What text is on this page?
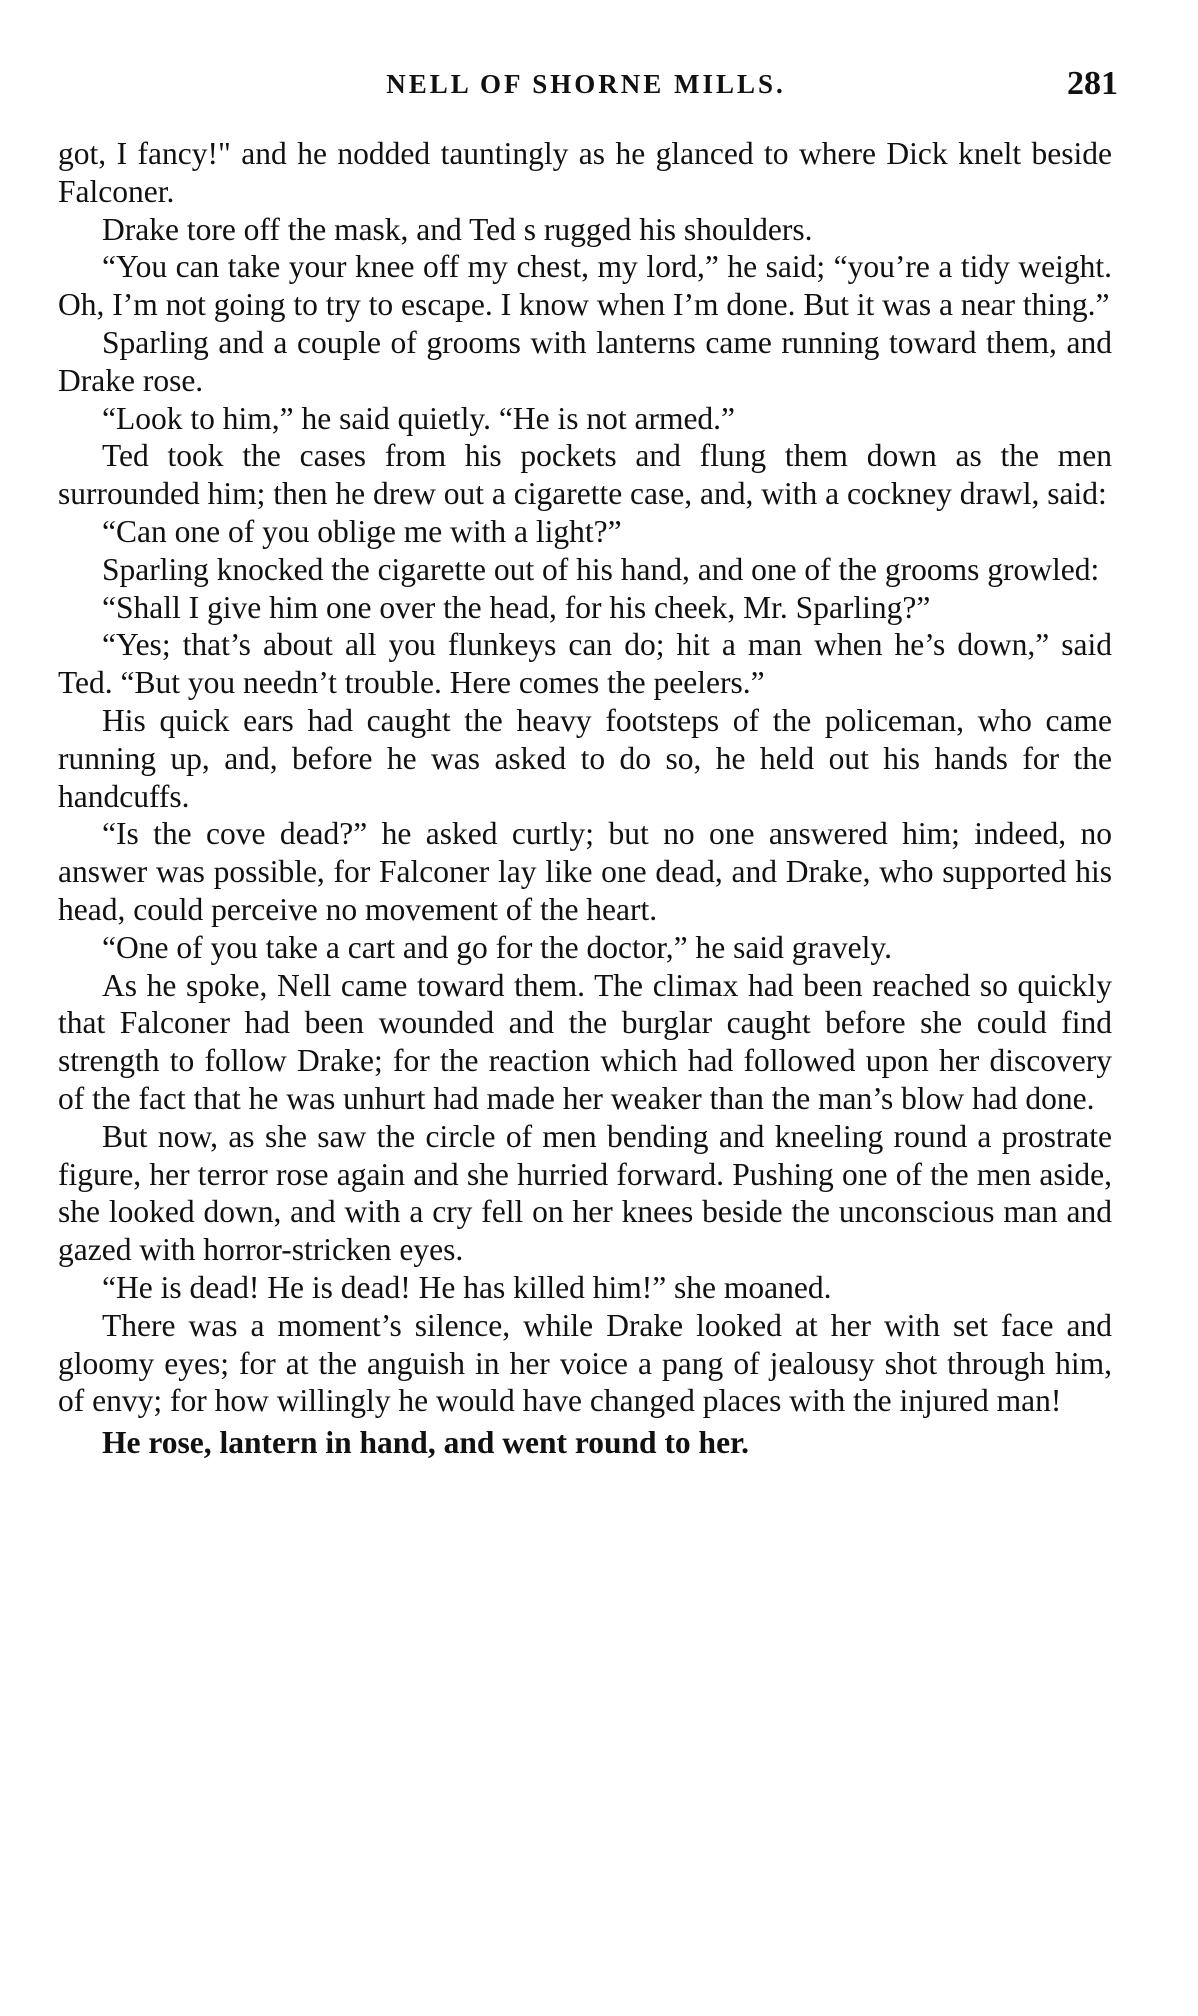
NELL OF SHORNE MILLS.	281

got, I fancy!" and he nodded tauntingly as he glanced to where Dick knelt beside Falconer.

Drake tore off the mask, and Ted s rugged his shoulders.

“You can take your knee off my chest, my lord,” he said; “you’re a tidy weight. Oh, I’m not going to try to escape. I know when I’m done. But it was a near thing.”

Sparling and a couple of grooms with lanterns came running toward them, and Drake rose.

“Look to him,” he said quietly. “He is not armed.”

Ted took the cases from his pockets and flung them down as the men surrounded him; then he drew out a cigarette case, and, with a cockney drawl, said:

“Can one of you oblige me with a light?”

Sparling knocked the cigarette out of his hand, and one of the grooms growled:

“Shall I give him one over the head, for his cheek, Mr. Sparling?”

“Yes; that’s about all you flunkeys can do; hit a man when he’s down,” said Ted. “But you needn’t trouble. Here comes the peelers.”

His quick ears had caught the heavy footsteps of the policeman, who came running up, and, before he was asked to do so, he held out his hands for the handcuffs.

“Is the cove dead?” he asked curtly; but no one answered him; indeed, no answer was possible, for Falconer lay like one dead, and Drake, who supported his head, could perceive no movement of the heart.

“One of you take a cart and go for the doctor,” he said gravely.

As he spoke, Nell came toward them. The climax had been reached so quickly that Falconer had been wounded and the burglar caught before she could find strength to follow Drake; for the reaction which had followed upon her discovery of the fact that he was unhurt had made her weaker than the man’s blow had done.

But now, as she saw the circle of men bending and kneeling round a prostrate figure, her terror rose again and she hurried forward. Pushing one of the men aside, she looked down, and with a cry fell on her knees beside the unconscious man and gazed with horror-stricken eyes.

“He is dead! He is dead! He has killed him!” she moaned.

There was a moment’s silence, while Drake looked at her with set face and gloomy eyes; for at the anguish in her voice a pang of jealousy shot through him, of envy; for how willingly he would have changed places with the injured man!

He rose, lantern in hand, and went round to her.
